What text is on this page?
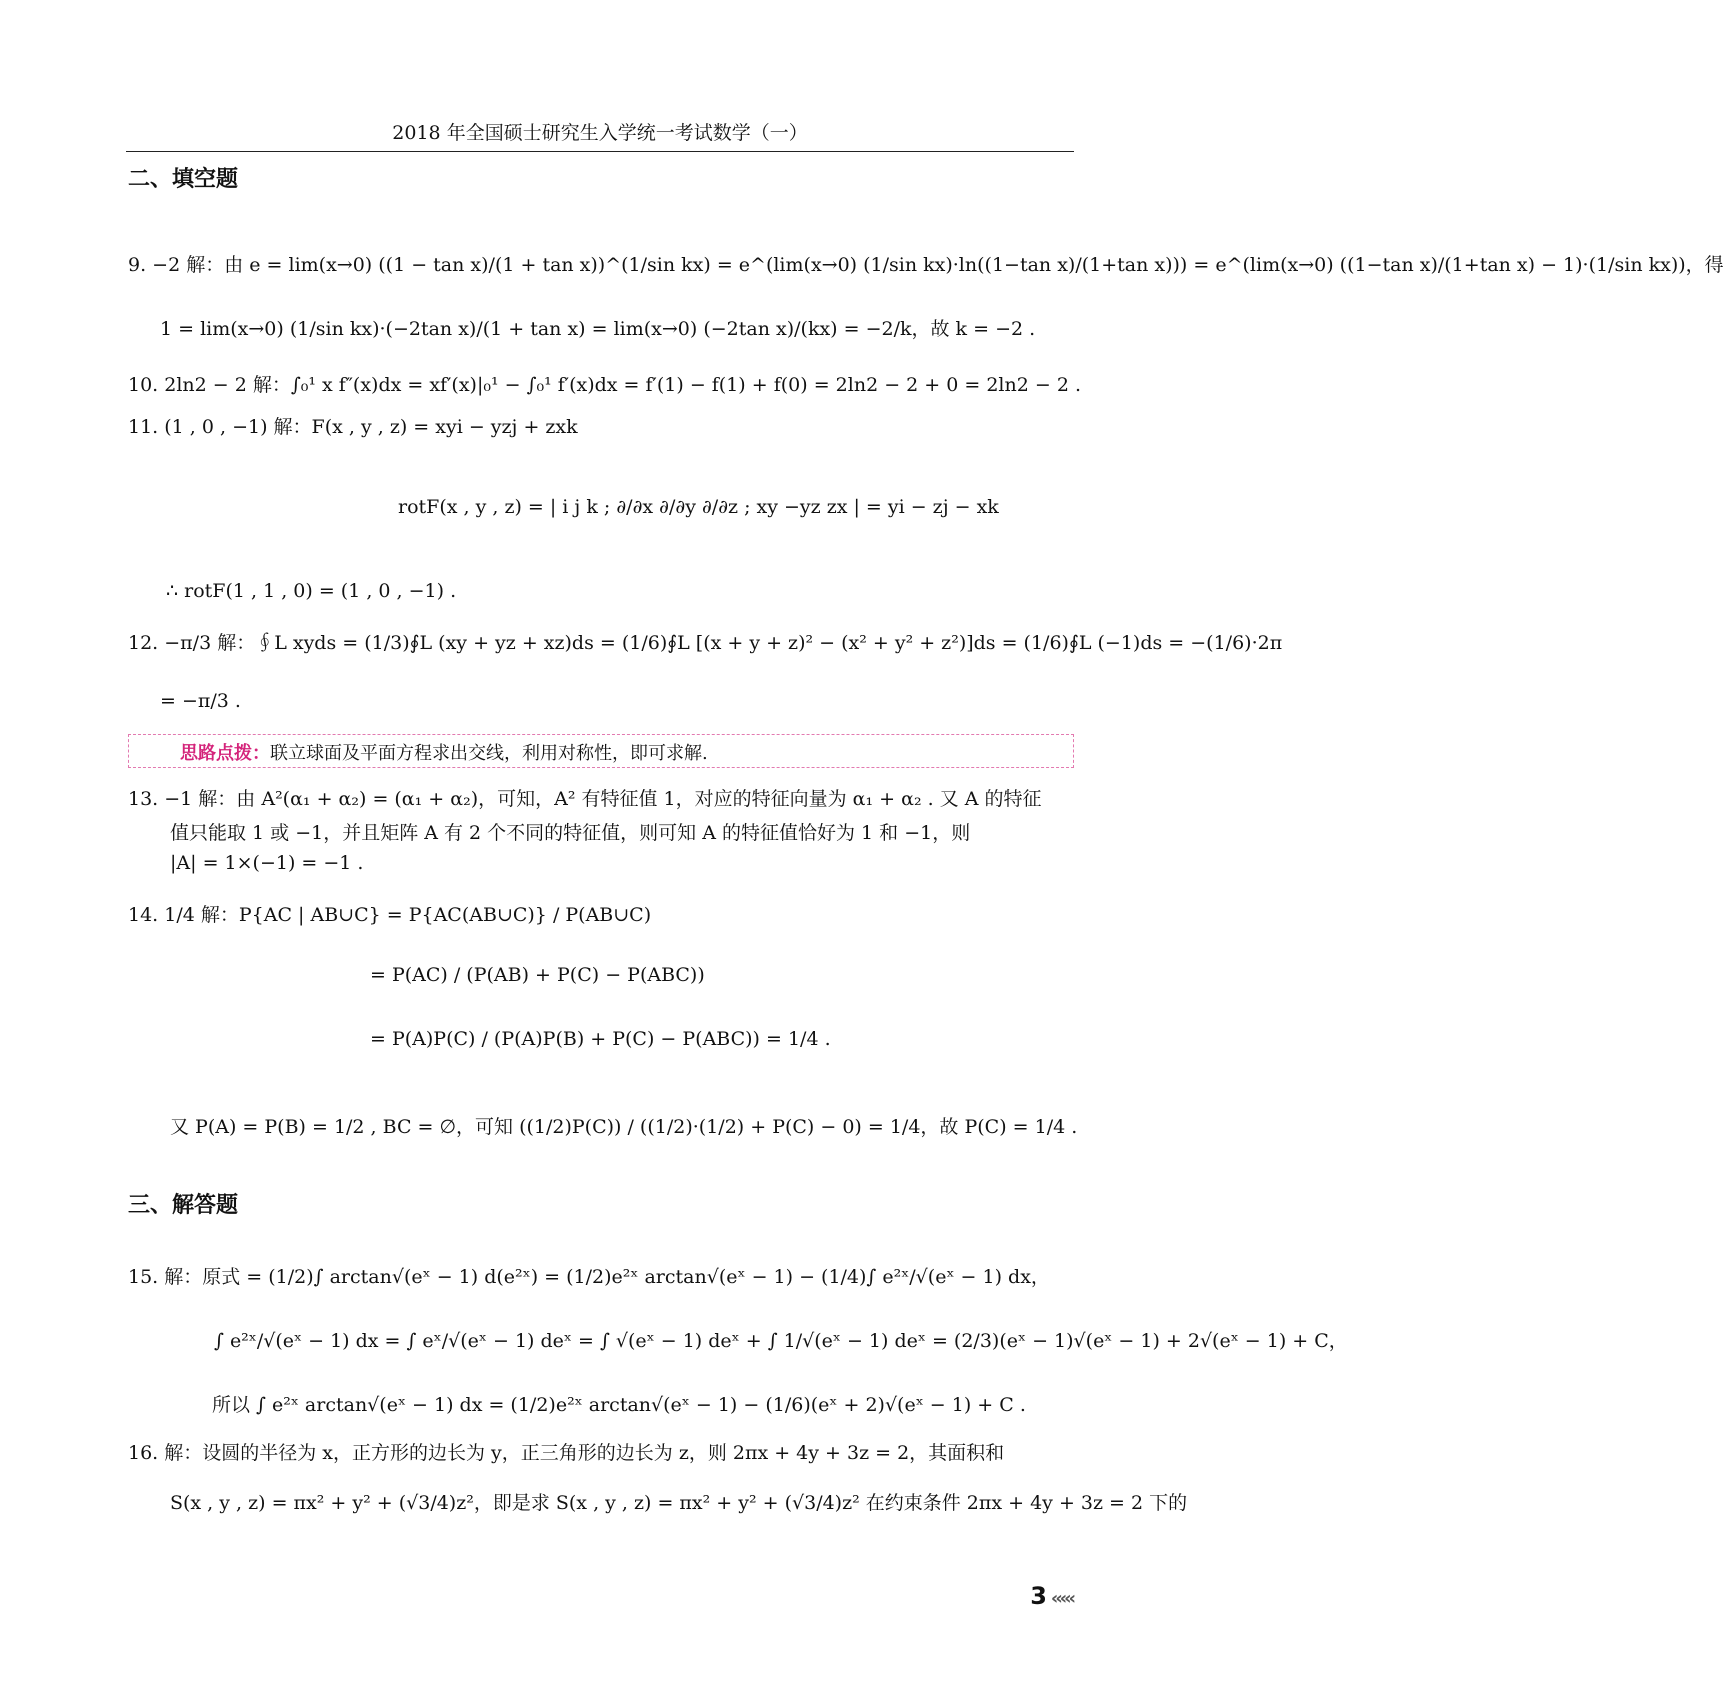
2018 年全国硕士研究生入学统一考试数学（一）
二、填空题
9. −2 解：由 e = lim(x→0) ((1 − tan x)/(1 + tan x))^(1/sin kx) = e^(lim(x→0) (1/sin kx)·ln((1−tan x)/(1+tan x))) = e^(lim(x→0) ((1−tan x)/(1+tan x) − 1)·(1/sin kx))，得
1 = lim(x→0) (1/sin kx)·(−2tan x)/(1 + tan x) = lim(x→0) (−2tan x)/(kx) = −2/k，故 k = −2 .
10. 2ln2 − 2 解：∫₀¹ x f″(x)dx = xf′(x)|₀¹ − ∫₀¹ f′(x)dx = f′(1) − f(1) + f(0) = 2ln2 − 2 + 0 = 2ln2 − 2 .
11. (1 , 0 , −1) 解：F(x , y , z) = xyi − yzj + zxk
rotF(x , y , z) = | i j k ; ∂/∂x ∂/∂y ∂/∂z ; xy −yz zx | = yi − zj − xk
∴ rotF(1 , 1 , 0) = (1 , 0 , −1) .
12. −π/3 解：∮L xyds = (1/3)∮L (xy + yz + xz)ds = (1/6)∮L [(x + y + z)² − (x² + y² + z²)]ds = (1/6)∮L (−1)ds = −(1/6)·2π
= −π/3 .
思路点拨：联立球面及平面方程求出交线，利用对称性，即可求解.
13. −1 解：由 A²(α₁ + α₂) = (α₁ + α₂)，可知，A² 有特征值 1，对应的特征向量为 α₁ + α₂ . 又 A 的特征
值只能取 1 或 −1，并且矩阵 A 有 2 个不同的特征值，则可知 A 的特征值恰好为 1 和 −1，则
|A| = 1×(−1) = −1 .
14. 1/4 解：P{AC | AB∪C} = P{AC(AB∪C)} / P(AB∪C)
= P(AC) / (P(AB) + P(C) − P(ABC))
= P(A)P(C) / (P(A)P(B) + P(C) − P(ABC)) = 1/4 .
又 P(A) = P(B) = 1/2 , BC = ∅，可知 ((1/2)P(C)) / ((1/2)·(1/2) + P(C) − 0) = 1/4，故 P(C) = 1/4 .
三、解答题
15. 解：原式 = (1/2)∫ arctan√(eˣ − 1) d(e²ˣ) = (1/2)e²ˣ arctan√(eˣ − 1) − (1/4)∫ e²ˣ/√(eˣ − 1) dx，
∫ e²ˣ/√(eˣ − 1) dx = ∫ eˣ/√(eˣ − 1) deˣ = ∫ √(eˣ − 1) deˣ + ∫ 1/√(eˣ − 1) deˣ = (2/3)(eˣ − 1)√(eˣ − 1) + 2√(eˣ − 1) + C，
所以 ∫ e²ˣ arctan√(eˣ − 1) dx = (1/2)e²ˣ arctan√(eˣ − 1) − (1/6)(eˣ + 2)√(eˣ − 1) + C .
16. 解：设圆的半径为 x，正方形的边长为 y，正三角形的边长为 z，则 2πx + 4y + 3z = 2，其面积和
S(x , y , z) = πx² + y² + (√3/4)z²，即是求 S(x , y , z) = πx² + y² + (√3/4)z² 在约束条件 2πx + 4y + 3z = 2 下的
3 ‹‹‹‹‹
